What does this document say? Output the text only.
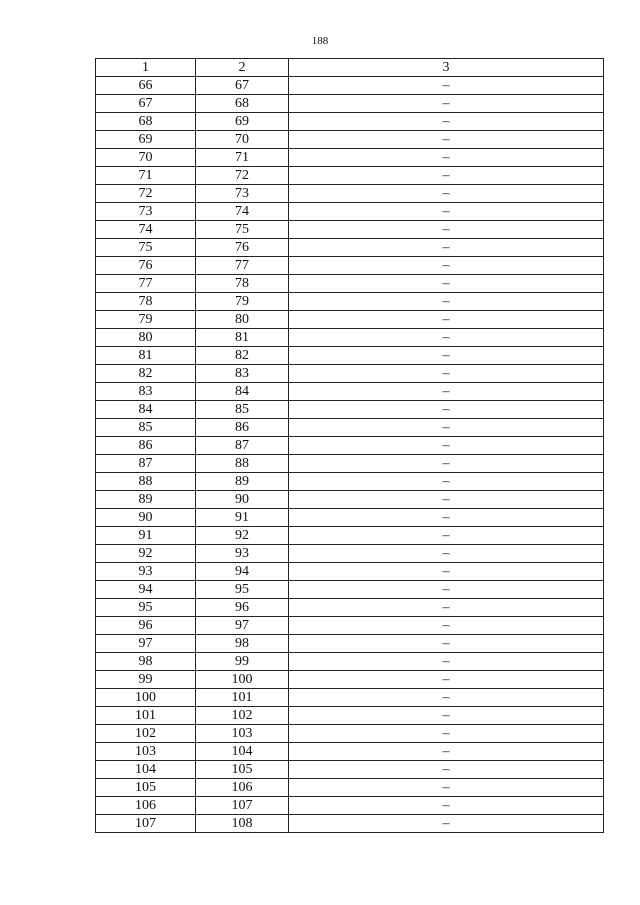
188
1	2	3
66	67	–
67	68	–
68	69	–
69	70	–
70	71	–
71	72	–
72	73	–
73	74	–
74	75	–
75	76	–
76	77	–
77	78	–
78	79	–
79	80	–
80	81	–
81	82	–
82	83	–
83	84	–
84	85	–
85	86	–
86	87	–
87	88	–
88	89	–
89	90	–
90	91	–
91	92	–
92	93	–
93	94	–
94	95	–
95	96	–
96	97	–
97	98	–
98	99	–
99	100	–
100	101	–
101	102	–
102	103	–
103	104	–
104	105	–
105	106	–
106	107	–
107	108	–
